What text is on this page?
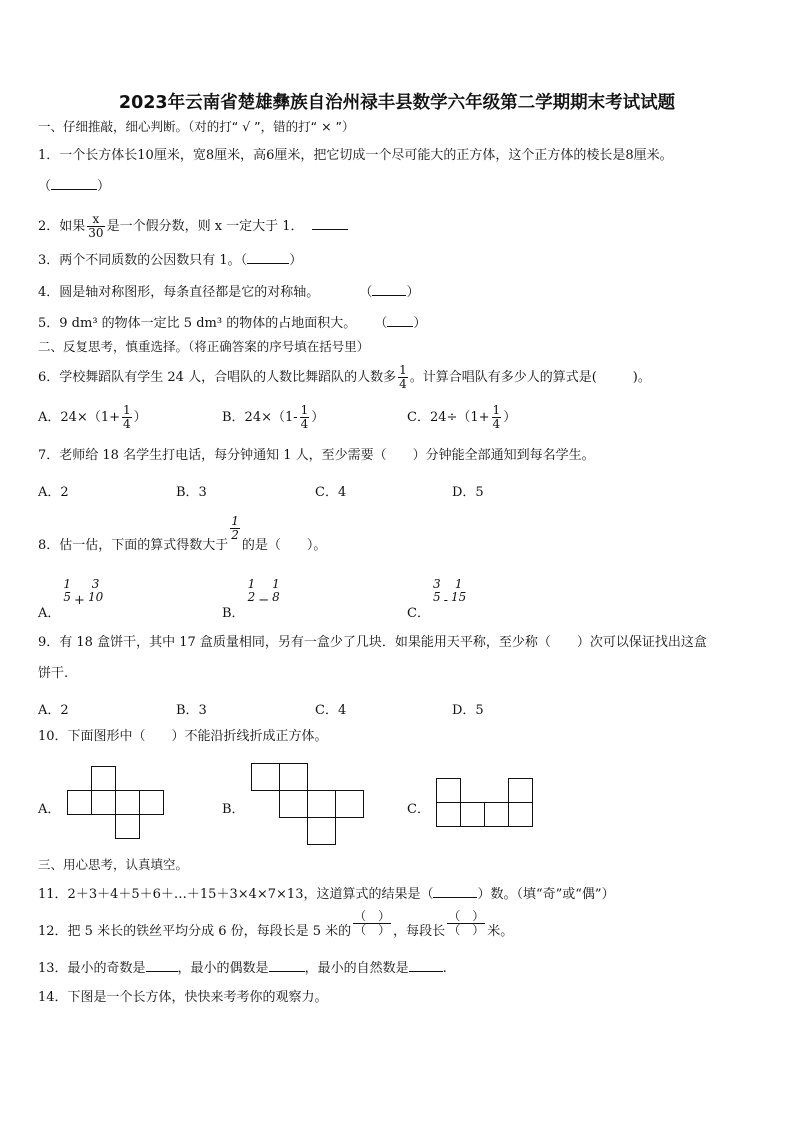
2023年云南省楚雄彝族自治州禄丰县数学六年级第二学期期末考试试题
一、仔细推敲，细心判断。（对的打“ √ ”，错的打“ × ”）
1．一个长方体长10厘米，宽8厘米，高6厘米，把它切成一个尽可能大的正方体，这个正方体的棱长是8厘米。
（	）
2．如果 $\frac{x}{30}$ 是一个假分数，则 x 一定大于 1．
3．两个不同质数的公因数只有 1。（	）
4．圆是轴对称图形，每条直径都是它的对称轴。	（	）
5．9 dm³ 的物体一定比 5 dm³ 的物体的占地面积大。 （ ）
二、反复思考，慎重选择。（将正确答案的序号填在括号里）
6．学校舞蹈队有学生 24 人，合唱队的人数比舞蹈队的人数多 $\frac{1}{4}$ 。计算合唱队有多少人的算式是(	)。
A．$24\times(1+ \frac{1}{4}$ ）	B．$24\times(1- \frac{1}{4}$ ）	C．$24\div(1+ \frac{1}{4}$ ）
7．老师给 18 名学生打电话，每分钟通知 1 人，至少需要（　　）分钟能全部通知到每名学生。
A．2	B．3	C．4	D．5
8．估一估，下面的算式得数大于
$\frac{1}{2}$
的是（　　）。
A．
1
5 +
3
10
B．
1
2 −
1
8
C．
3
5 -
1
15
9．有 18 盒饼干，其中 17 盒质量相同，另有一盒少了几块．如果能用天平称，至少称（　　）次可以保证找出这盒
饼干.
A．2	B．3	C．4	D．5
10．下面图形中（　　）不能沿折线折成正方体。
A．	B．	C．
三、用心思考，认真填空。
11．2＋3＋4＋5＋6＋…＋15＋3×4×7×13，这道算式的结果是（	）数。（填“奇”或“偶”）
12．把 5 米长的铁丝平均分成 6 份，每段长是 5 米的 $\frac{( )}{( )}$ ，每段长 $\frac{( )}{( )}$ 米。
13．最小的奇数是 ，最小的偶数是	，最小的自然数是	.
14．下图是一个长方体，快快来考考你的观察力。
